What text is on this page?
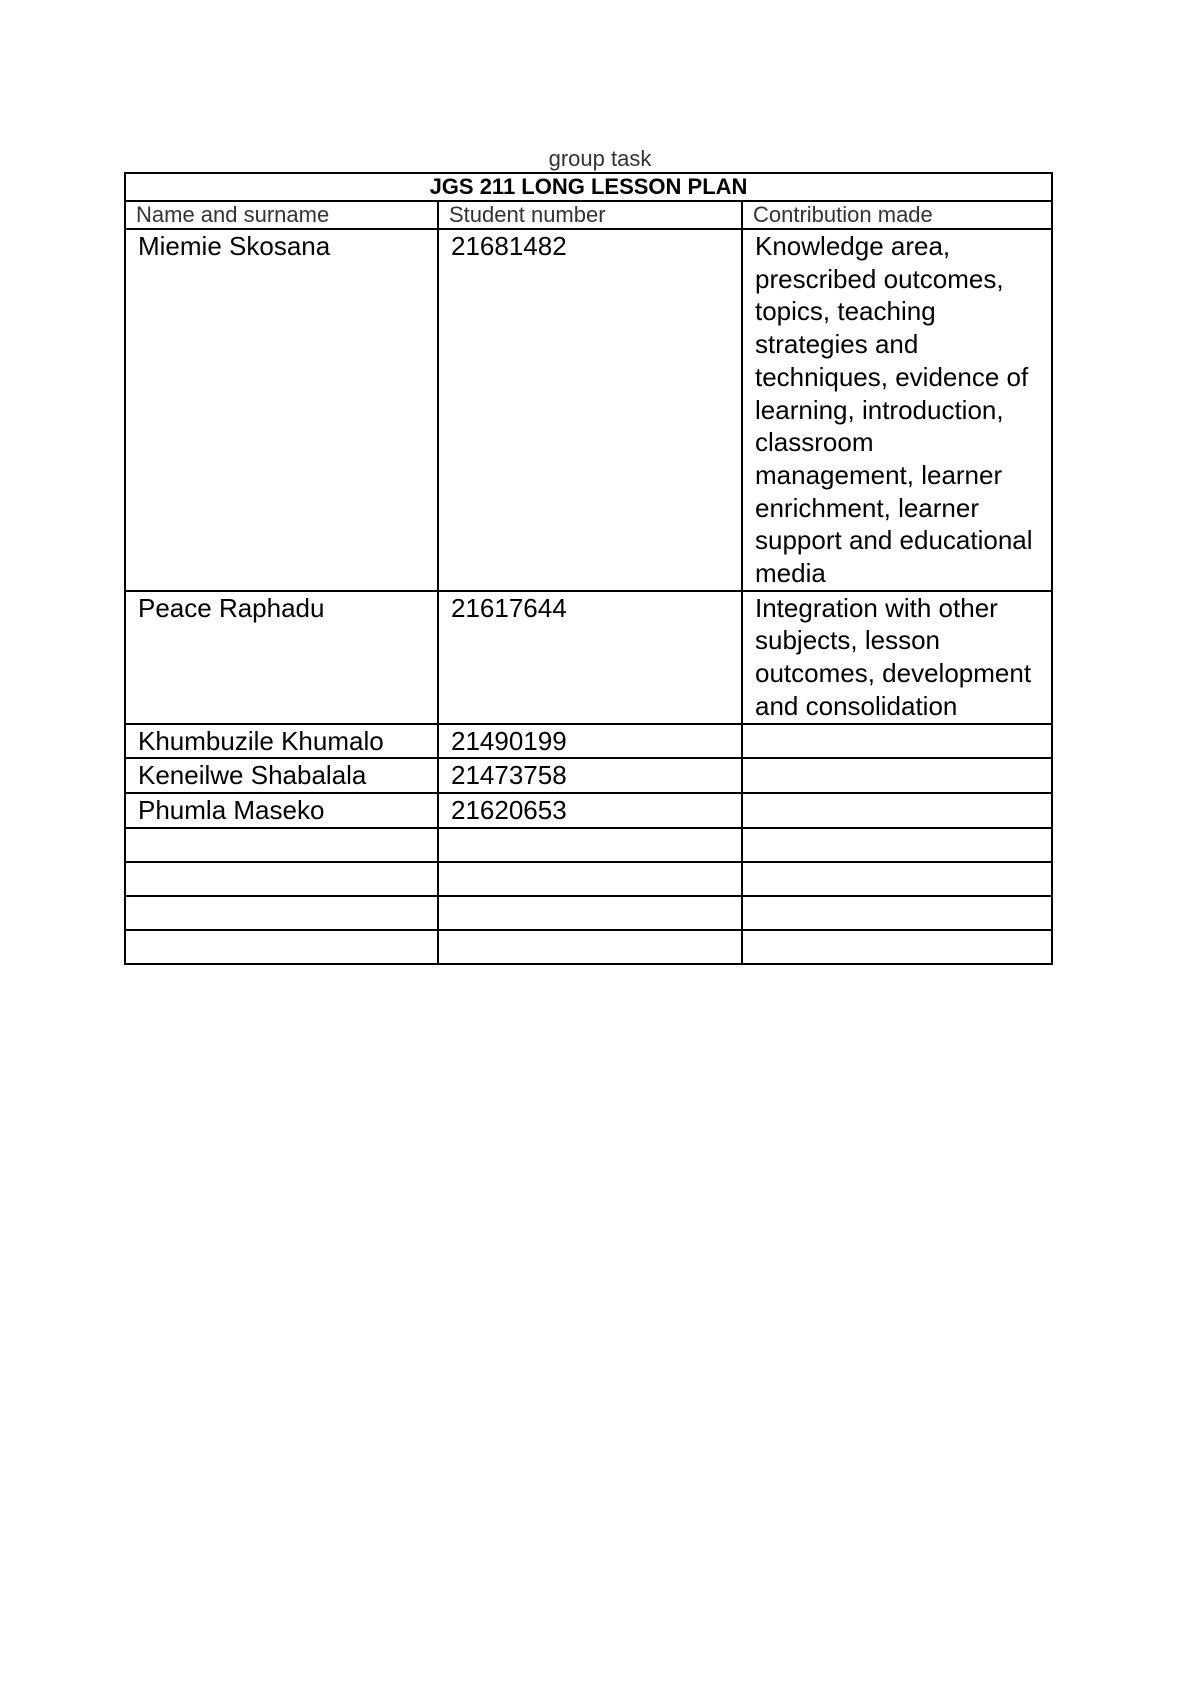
group task
JGS 211 LONG LESSON PLAN		
Name and surname	Student number	Contribution made
Miemie Skosana	21681482	Knowledge area, prescribed outcomes, topics, teaching strategies and techniques, evidence of learning, introduction, classroom management, learner enrichment, learner support and educational media
Peace Raphadu	21617644	Integration with other subjects, lesson outcomes, development and consolidation
Khumbuzile Khumalo	21490199	
Keneilwe Shabalala	21473758	
Phumla Maseko	21620653	
